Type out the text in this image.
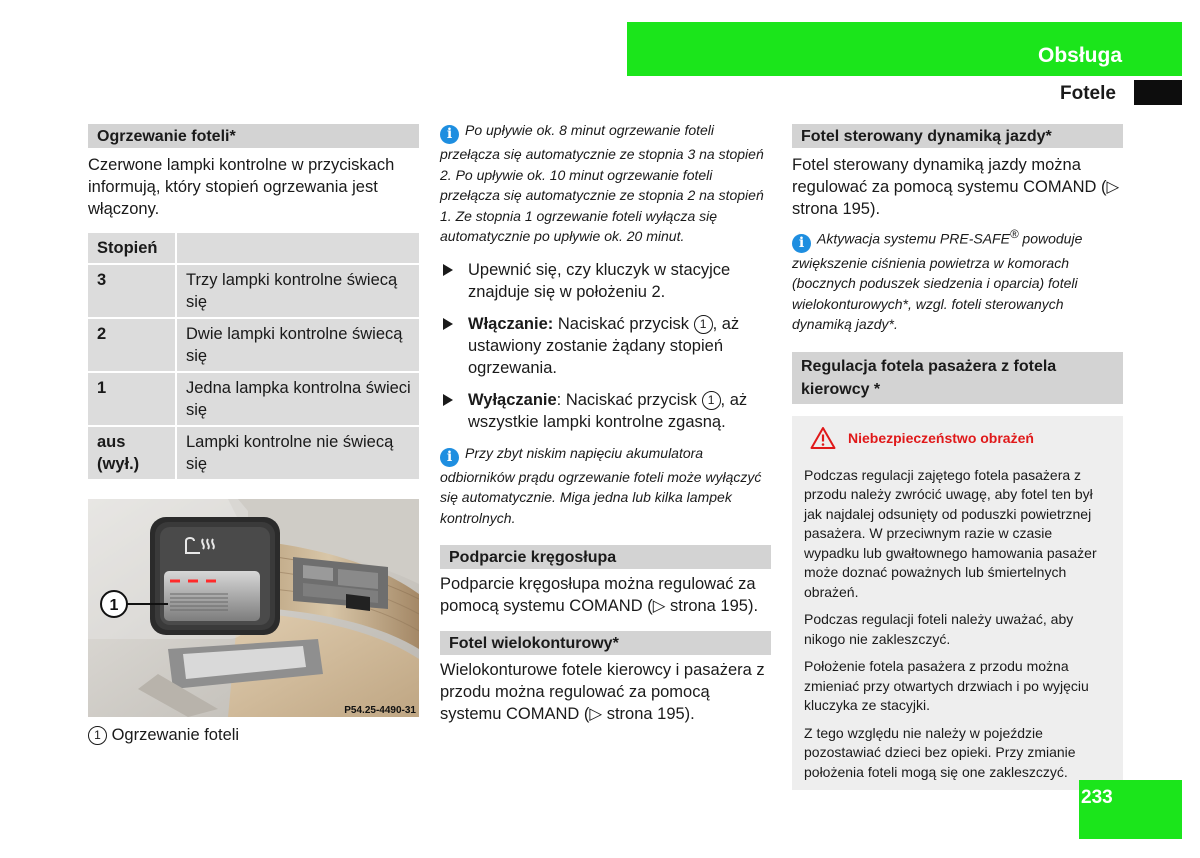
Obsługa
Fotele
Ogrzewanie foteli*
Czerwone lampki kontrolne w przyciskach informują, który stopień ogrzewania jest włączony.
Stopień	
3	Trzy lampki kontrolne świecą się
2	Dwie lampki kontrolne świecą się
1	Jedna lampka kontrolna świeci się
aus (wył.)	Lampki kontrolne nie świecą się
1
P54.25-4490-31
1 Ogrzewanie foteli
i Po upływie ok. 8 minut ogrzewanie foteli przełącza się automatycznie ze stopnia 3 na stopień 2. Po upływie ok. 10 minut ogrzewanie foteli przełącza się automatycznie ze stopnia 2 na stopień 1. Ze stopnia 1 ogrzewanie foteli wyłącza się automatycznie po upływie ok. 20 minut.
Upewnić się, czy kluczyk w stacyjce znajduje się w położeniu 2.
Włączanie: Naciskać przycisk 1 , aż ustawiony zostanie żądany stopień ogrzewania.
Wyłączanie: Naciskać przycisk 1 , aż wszystkie lampki kontrolne zgasną.
i Przy zbyt niskim napięciu akumulatora odbiorników prądu ogrzewanie foteli może wyłączyć się automatycznie. Miga jedna lub kilka lampek kontrolnych.
Podparcie kręgosłupa
Podparcie kręgosłupa można regulować za pomocą systemu COMAND (▷ strona 195).
Fotel wielokonturowy*
Wielokonturowe fotele kierowcy i pasażera z przodu można regulować za pomocą systemu COMAND (▷ strona 195).
Fotel sterowany dynamiką jazdy*
Fotel sterowany dynamiką jazdy można regulować za pomocą systemu COMAND (▷ strona 195).
i Aktywacja systemu PRE-SAFE® powoduje zwiększenie ciśnienia powietrza w komorach (bocznych poduszek siedzenia i oparcia) foteli wielokonturowych*, wzgl. foteli sterowanych dynamiką jazdy*.
Regulacja fotela pasażera z fotela kierowcy *
Niebezpieczeństwo obrażeń

Podczas regulacji zajętego fotela pasażera z przodu należy zwrócić uwagę, aby fotel ten był jak najdalej odsunięty od poduszki powietrznej pasażera. W przeciwnym razie w czasie wypadku lub gwałtownego hamowania pasażer może doznać poważnych lub śmiertelnych obrażeń.

Podczas regulacji foteli należy uważać, aby nikogo nie zakleszczyć.

Położenie fotela pasażera z przodu można zmieniać przy otwartych drzwiach i po wyjęciu kluczyka ze stacyjki.

Z tego względu nie należy w pojeździe pozostawiać dzieci bez opieki. Przy zmianie położenia foteli mogą się one zakleszczyć.

233
